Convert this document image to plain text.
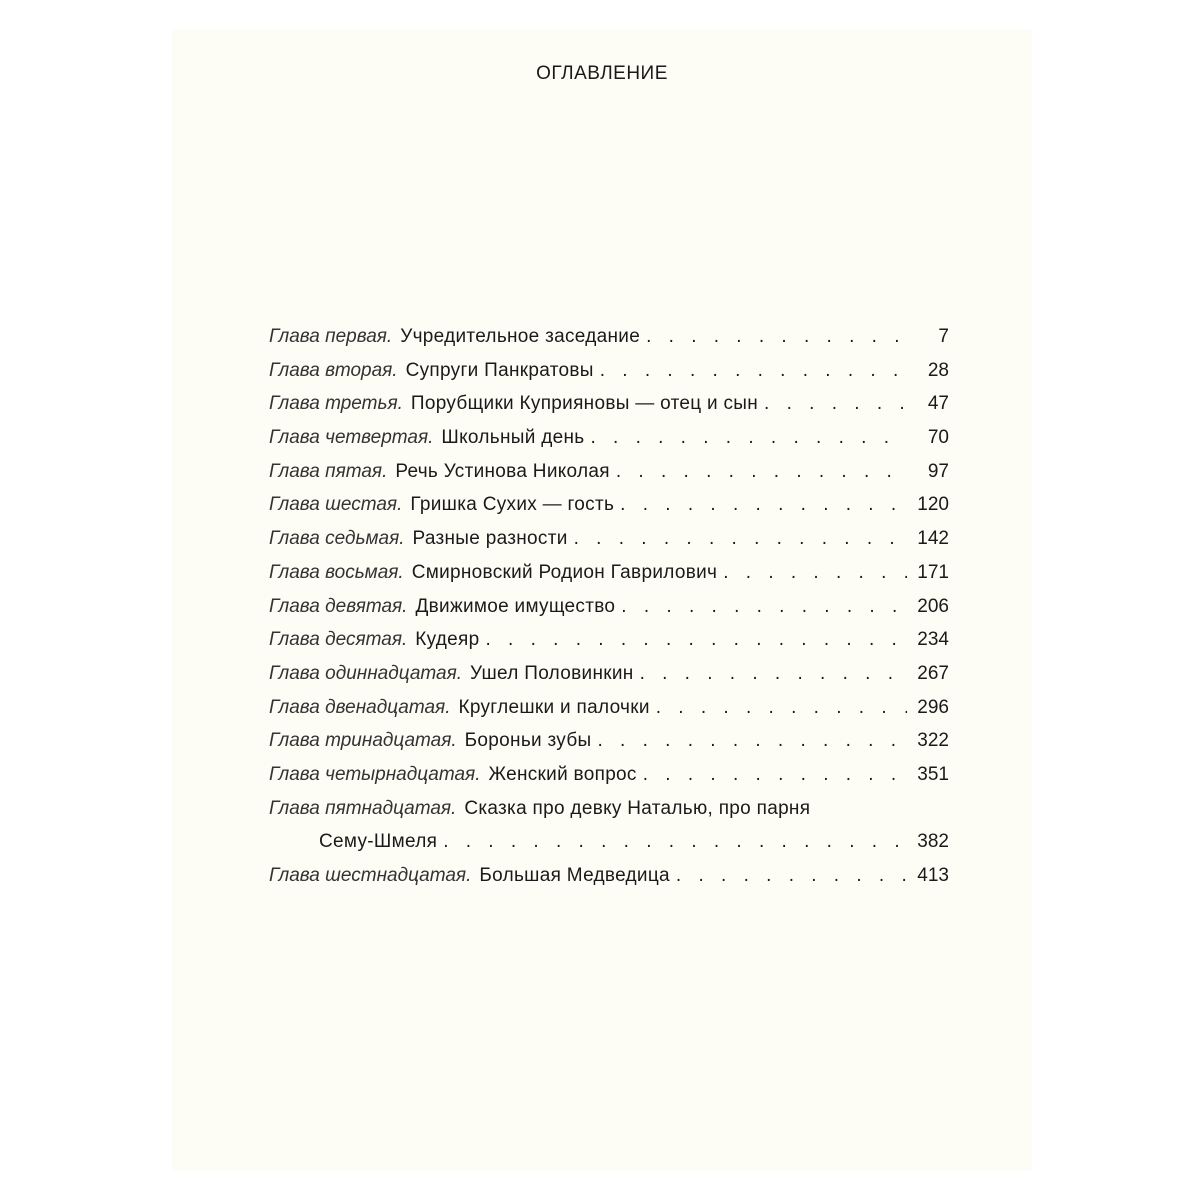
ОГЛАВЛЕНИЕ
Глава первая. Учредительное заседание . . .	7
Глава вторая. Супруги Панкратовы . . .	28
Глава третья. Порубщики Куприяновы — отец и сын . . .	47
Глава четвертая. Школьный день . . .	70
Глава пятая. Речь Устинова Николая . . .	97
Глава шестая. Гришка Сухих — гость . . .	120
Глава седьмая. Разные разности . . .	142
Глава восьмая. Смирновский Родион Гаврилович . . .	171
Глава девятая. Движимое имущество . . .	206
Глава десятая. Кудеяр . . .	234
Глава одиннадцатая. Ушел Половинкин . . .	267
Глава двенадцатая. Круглешки и палочки . . .	296
Глава тринадцатая. Бороньи зубы . . .	322
Глава четырнадцатая. Женский вопрос . . .	351
Глава пятнадцатая. Сказка про девку Наталью, про парня
Сему-Шмеля . . .	382
Глава шестнадцатая. Большая Медведица . . .	413
